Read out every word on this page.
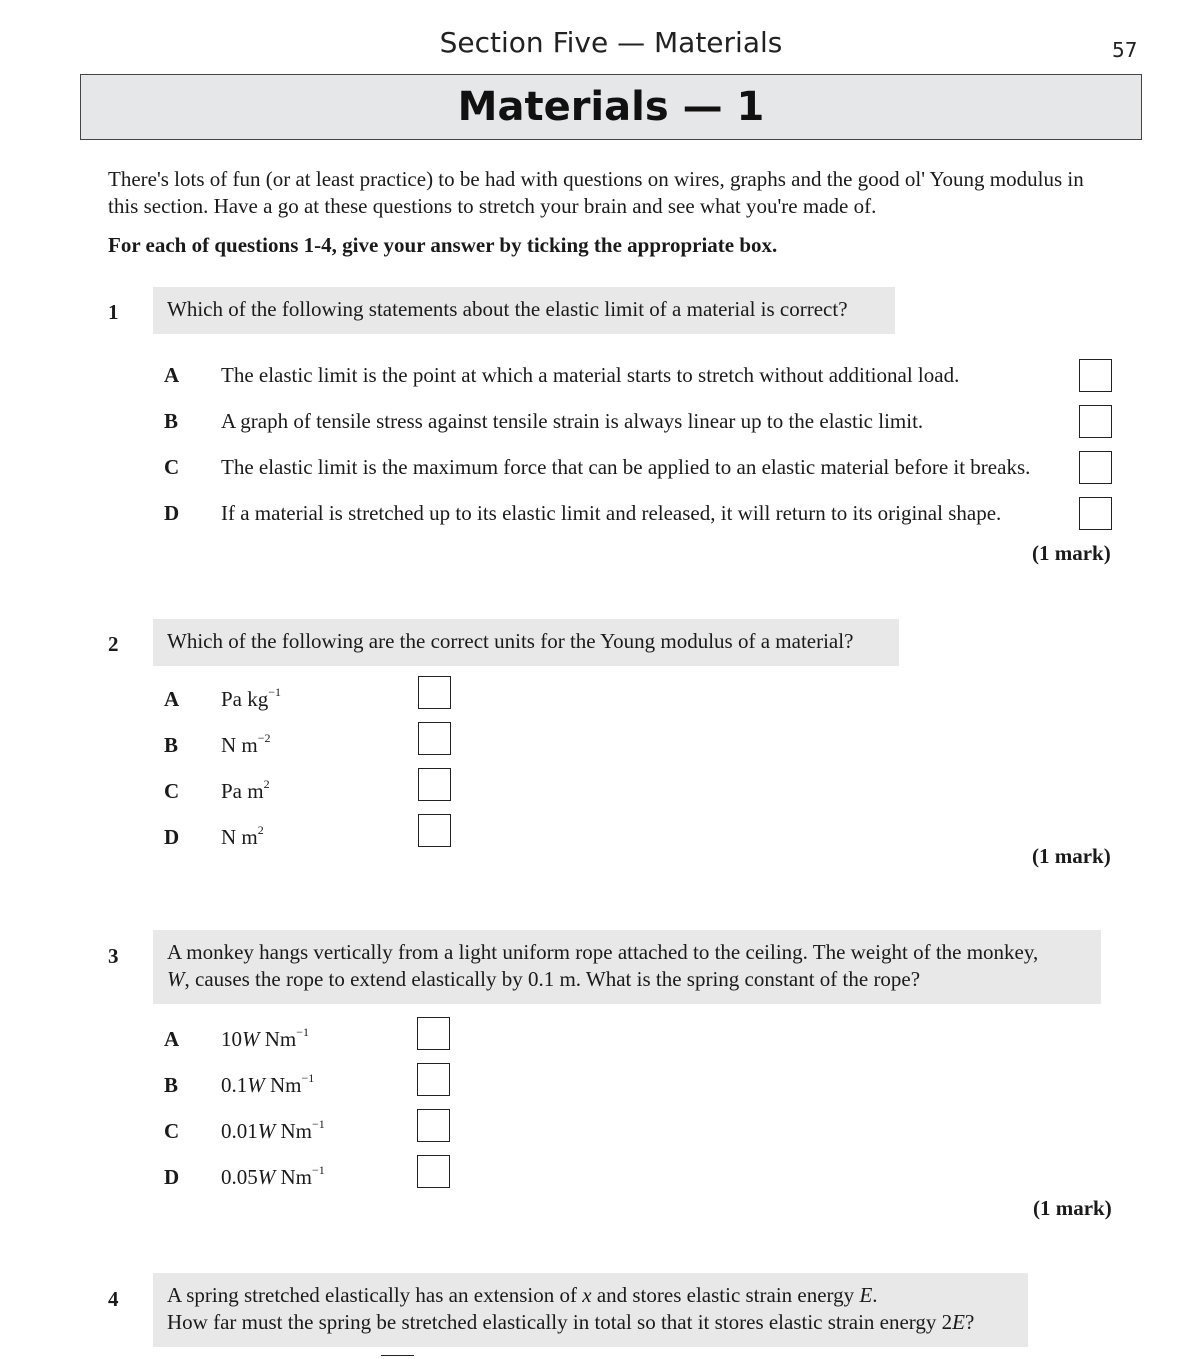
Section Five — Materials	57
Materials — 1
There's lots of fun (or at least practice) to be had with questions on wires, graphs and the good ol' Young modulus in this section. Have a go at these questions to stretch your brain and see what you're made of.
For each of questions 1-4, give your answer by ticking the appropriate box.
1	Which of the following statements about the elastic limit of a material is correct?
A The elastic limit is the point at which a material starts to stretch without additional load.
B A graph of tensile stress against tensile strain is always linear up to the elastic limit.
C The elastic limit is the maximum force that can be applied to an elastic material before it breaks.
D If a material is stretched up to its elastic limit and released, it will return to its original shape.
(1 mark)
2	Which of the following are the correct units for the Young modulus of a material?
A Pa $kg^{-1}$
B N $m^{-2}$
C Pa $m^2$
D N $m^2$
(1 mark)
3	A monkey hangs vertically from a light uniform rope attached to the ceiling. The weight of the monkey,
W, causes the rope to extend elastically by 0.1 m. What is the spring constant of the rope?
A 10W $Nm^{-1}$
B 0.1W $Nm^{-1}$
C 0.01W $Nm^{-1}$
D 0.05W $Nm^{-1}$
(1 mark)
4	A spring stretched elastically has an extension of x and stores elastic strain energy E.
How far must the spring be stretched elastically in total so that it stores elastic strain energy 2E?
